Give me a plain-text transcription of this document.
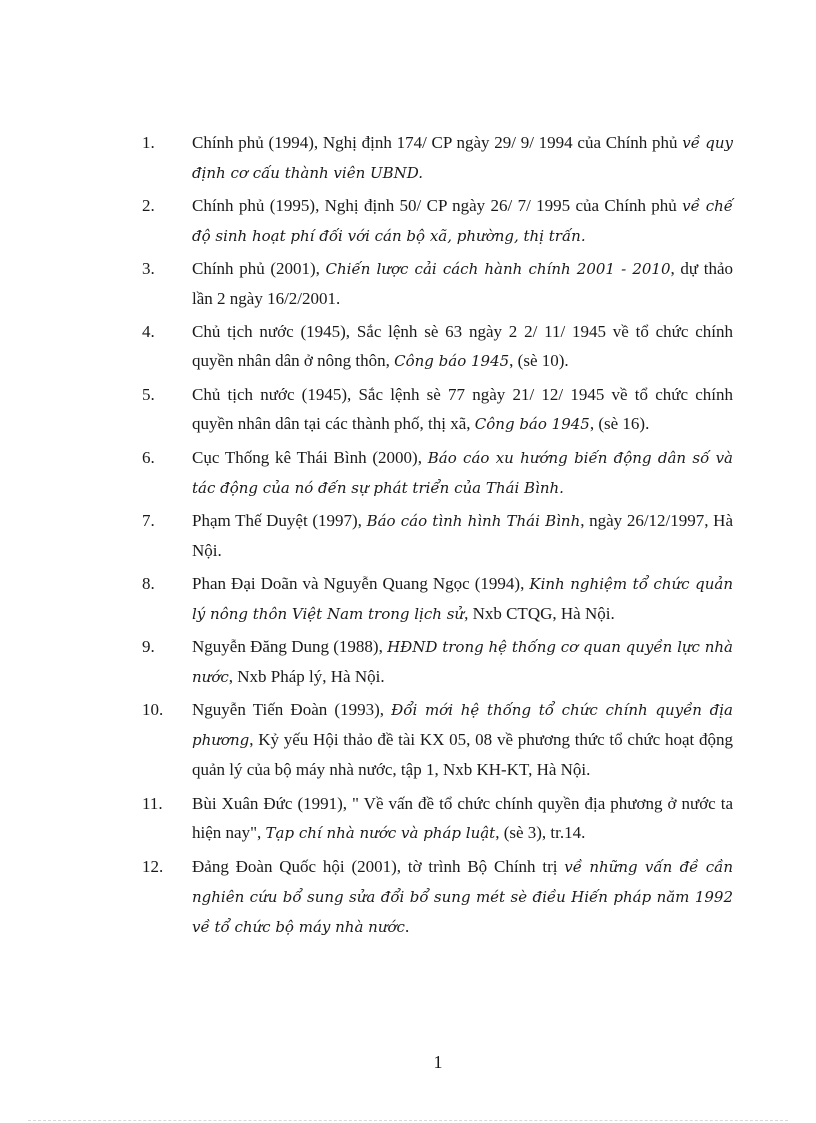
1. Chính phủ (1994), Nghị định 174/ CP ngày 29/ 9/ 1994 của Chính phủ về quy định cơ cấu thành viên UBND.
2. Chính phủ (1995), Nghị định 50/ CP ngày 26/ 7/ 1995 của Chính phủ về chế độ sinh hoạt phí đối với cán bộ xã, phường, thị trấn.
3. Chính phủ (2001), Chiến lược cải cách hành chính 2001 - 2010, dự thảo lần 2 ngày 16/2/2001.
4. Chủ tịch nước (1945), Sắc lệnh sè 63 ngày 2 2/ 11/ 1945 về tổ chức chính quyền nhân dân ở nông thôn, Công báo 1945, (sè 10).
5. Chủ tịch nước (1945), Sắc lệnh sè 77 ngày 21/ 12/ 1945 về tổ chức chính quyền nhân dân tại các thành phố, thị xã, Công báo 1945, (sè 16).
6. Cục Thống kê Thái Bình (2000), Báo cáo xu hướng biến động dân số và tác động của nó đến sự phát triển của Thái Bình.
7. Phạm Thế Duyệt (1997), Báo cáo tình hình Thái Bình, ngày 26/12/1997, Hà Nội.
8. Phan Đại Doãn và Nguyễn Quang Ngọc (1994), Kinh nghiệm tổ chức quản lý nông thôn Việt Nam trong lịch sử, Nxb CTQG, Hà Nội.
9. Nguyễn Đăng Dung (1988), HĐND trong hệ thống cơ quan quyền lực nhà nước, Nxb Pháp lý, Hà Nội.
10. Nguyễn Tiến Đoàn (1993), Đổi mới hệ thống tổ chức chính quyền địa phương, Kỷ yếu Hội thảo đề tài KX 05, 08 về phương thức tổ chức hoạt động quản lý của bộ máy nhà nước, tập 1, Nxb KH-KT, Hà Nội.
11. Bùi Xuân Đức (1991), " Về vấn đề tổ chức chính quyền địa phương ở nước ta hiện nay", Tạp chí nhà nước và pháp luật, (sè 3), tr.14.
12. Đảng Đoàn Quốc hội (2001), tờ trình Bộ Chính trị về những vấn đề cần nghiên cứu bổ sung sửa đổi bổ sung mét sè điều Hiến pháp năm 1992 về tổ chức bộ máy nhà nước.
1
